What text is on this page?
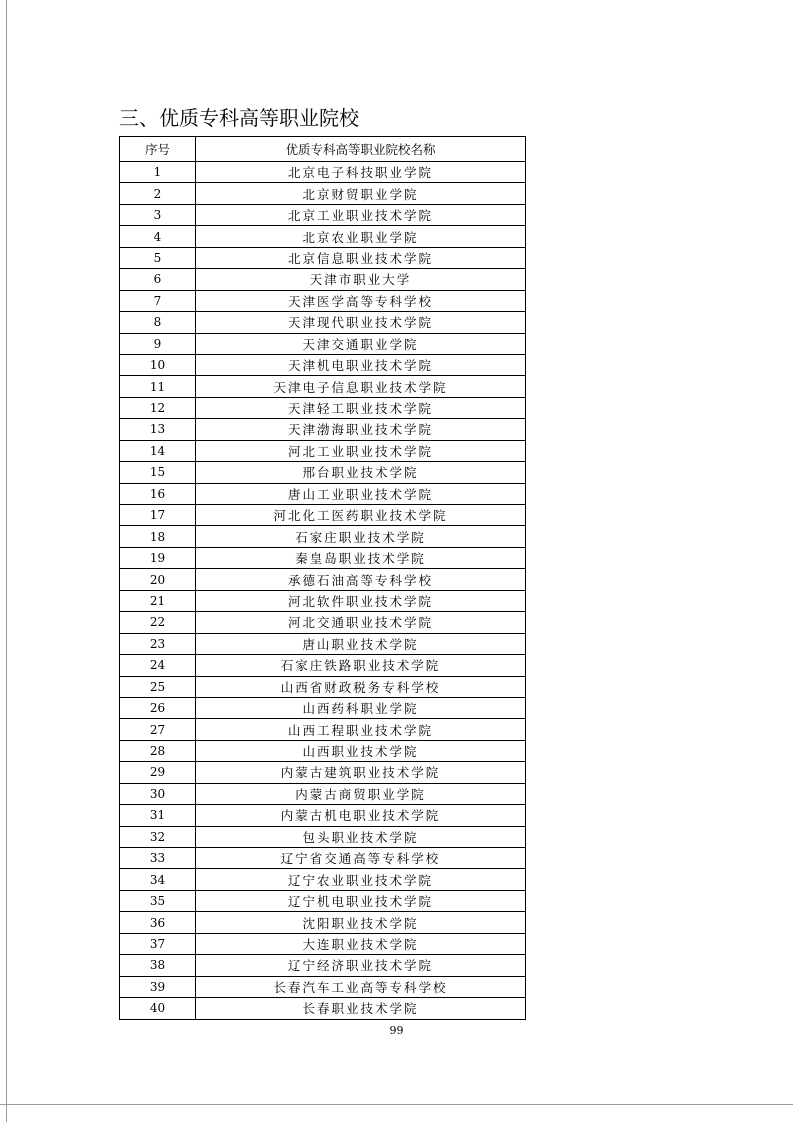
三、优质专科高等职业院校
序号	优质专科高等职业院校名称
1	北京电子科技职业学院
2	北京财贸职业学院
3	北京工业职业技术学院
4	北京农业职业学院
5	北京信息职业技术学院
6	天津市职业大学
7	天津医学高等专科学校
8	天津现代职业技术学院
9	天津交通职业学院
10	天津机电职业技术学院
11	天津电子信息职业技术学院
12	天津轻工职业技术学院
13	天津渤海职业技术学院
14	河北工业职业技术学院
15	邢台职业技术学院
16	唐山工业职业技术学院
17	河北化工医药职业技术学院
18	石家庄职业技术学院
19	秦皇岛职业技术学院
20	承德石油高等专科学校
21	河北软件职业技术学院
22	河北交通职业技术学院
23	唐山职业技术学院
24	石家庄铁路职业技术学院
25	山西省财政税务专科学校
26	山西药科职业学院
27	山西工程职业技术学院
28	山西职业技术学院
29	内蒙古建筑职业技术学院
30	内蒙古商贸职业学院
31	内蒙古机电职业技术学院
32	包头职业技术学院
33	辽宁省交通高等专科学校
34	辽宁农业职业技术学院
35	辽宁机电职业技术学院
36	沈阳职业技术学院
37	大连职业技术学院
38	辽宁经济职业技术学院
39	长春汽车工业高等专科学校
40	长春职业技术学院
99
